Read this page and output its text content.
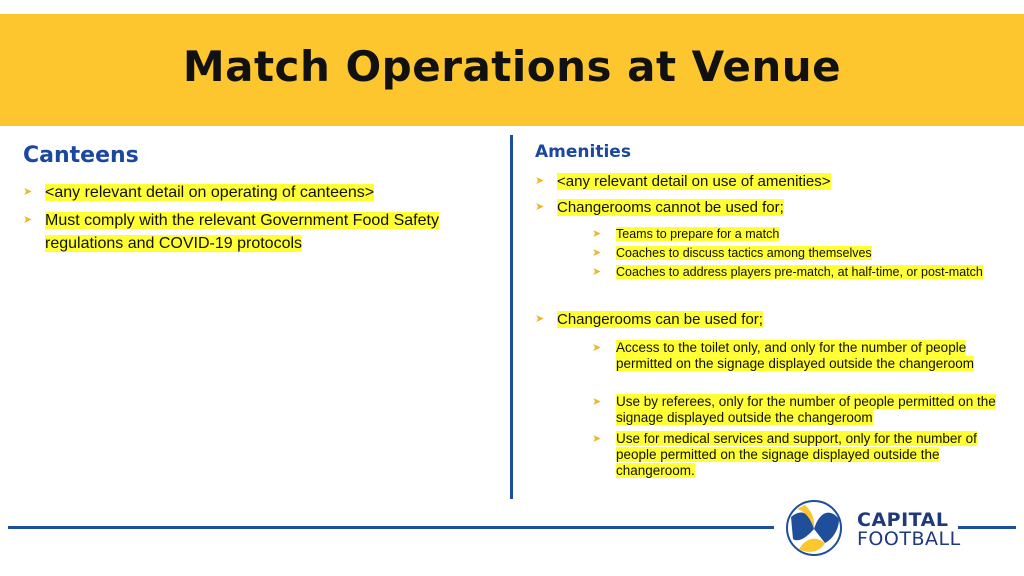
Match Operations at Venue
Canteens
➤ <any relevant detail on operating of canteens>
➤ Must comply with the relevant Government Food Safety regulations and COVID-19 protocols
Amenities
➤ <any relevant detail on use of amenities>
➤ Changerooms cannot be used for;
➤	Teams to prepare for a match
➤	Coaches to discuss tactics among themselves
➤	Coaches to address players pre-match, at half-time, or post-match
➤ Changerooms can be used for;
➤	Access to the toilet only, and only for the number of people permitted on the signage displayed outside the changeroom
➤	Use by referees, only for the number of people permitted on the signage displayed outside the changeroom
➤	Use for medical services and support, only for the number of people permitted on the signage displayed outside the changeroom.
CAPITAL
FOOTBALL
